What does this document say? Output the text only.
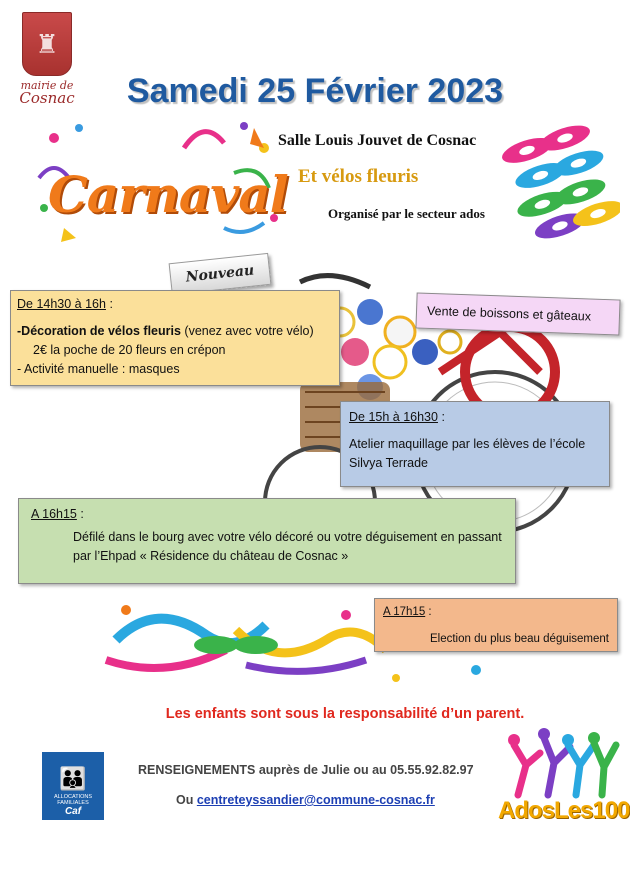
♜
mairie de
Cosnac	Samedi 25 Février 2023
Carnaval
Salle Louis Jouvet de Cosnac
Et vélos fleuris
Organisé par le secteur ados
Nouveau
De 14h30 à 16h :
-Décoration de vélos fleuris (venez avec votre vélo)
2€ la poche de 20 fleurs en crépon
- Activité manuelle : masques
Vente de boissons et gâteaux
De 15h à 16h30 :
Atelier maquillage par les élèves de l’école Silvya Terrade
A 16h15 :
Défilé dans le bourg avec votre vélo décoré ou votre déguisement en passant par l’Ehpad « Résidence du château de Cosnac »
A 17h15 :
Election du plus beau déguisement
Les enfants sont sous la responsabilité d’un parent.
👪
ALLOCATIONS
FAMILIALES
Caf
RENSEIGNEMENTS auprès de Julie ou au 05.55.92.82.97
Ou centreteyssandier@commune-cosnac.fr	AdosLes100
